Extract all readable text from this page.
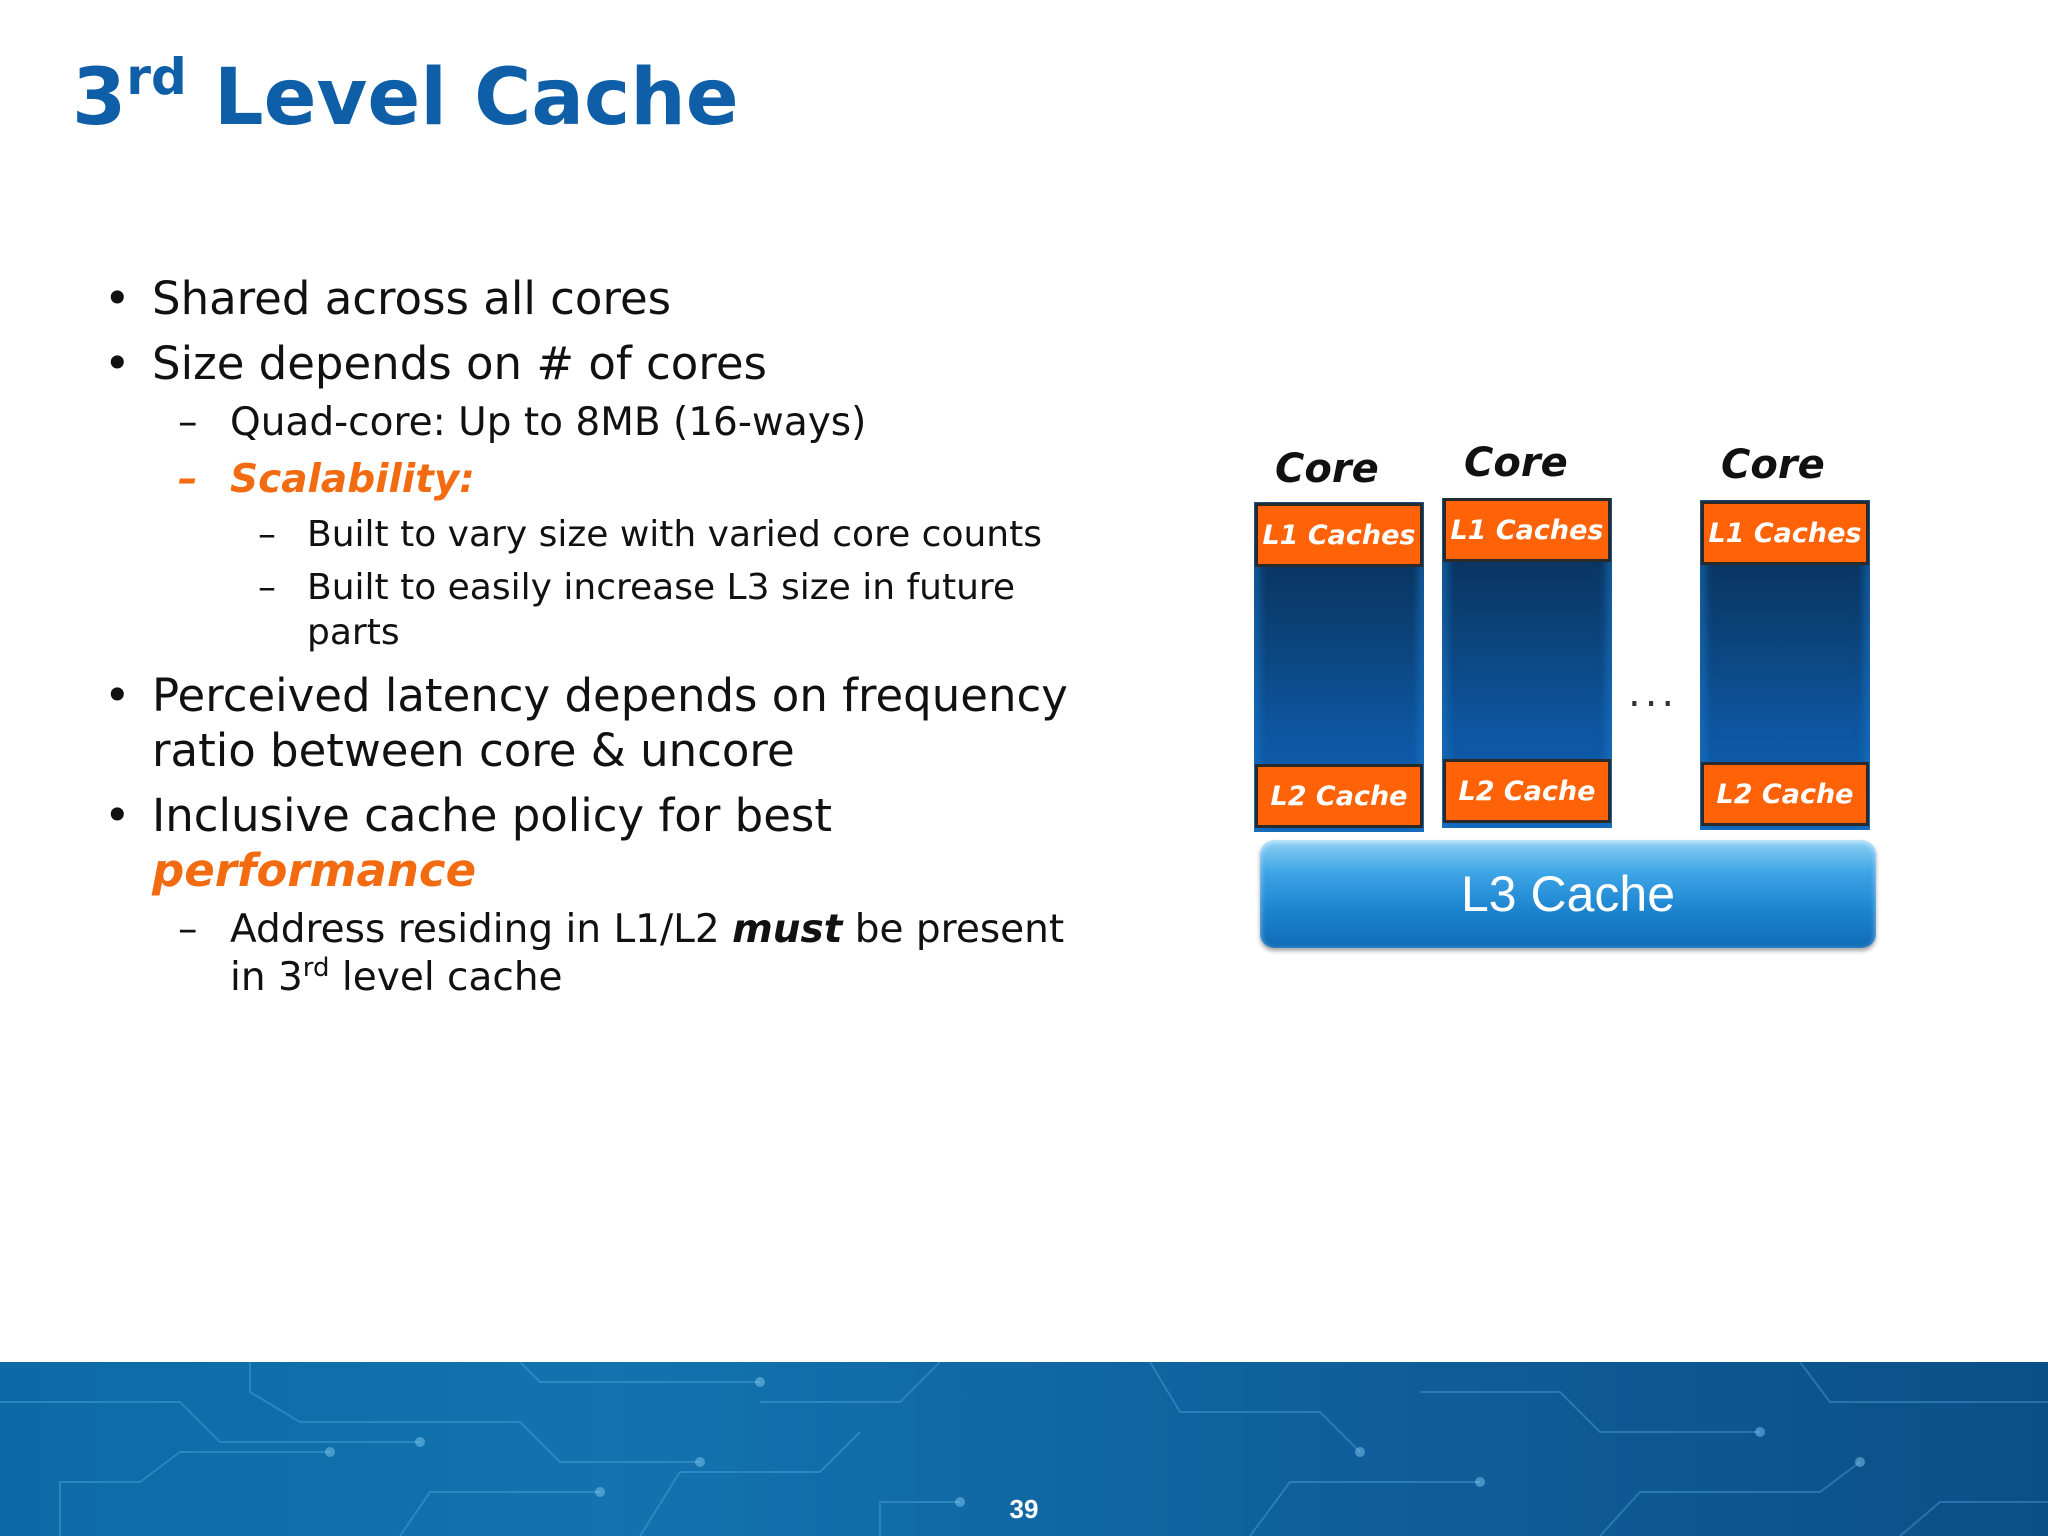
3rd Level Cache
• Shared across all cores
• Size depends on # of cores
– Quad-core: Up to 8MB (16-ways)
– Scalability:
– Built to vary size with varied core counts
– Built to easily increase L3 size in future
parts
• Perceived latency depends on frequency
ratio between core & uncore
• Inclusive cache policy for best
performance
– Address residing in L1/L2 must be present
in 3rd level cache
Core
L1 Caches
L2 Cache
Core
L1 Caches
L2 Cache
...
Core
L1 Caches
L2 Cache
L3 Cache
39
